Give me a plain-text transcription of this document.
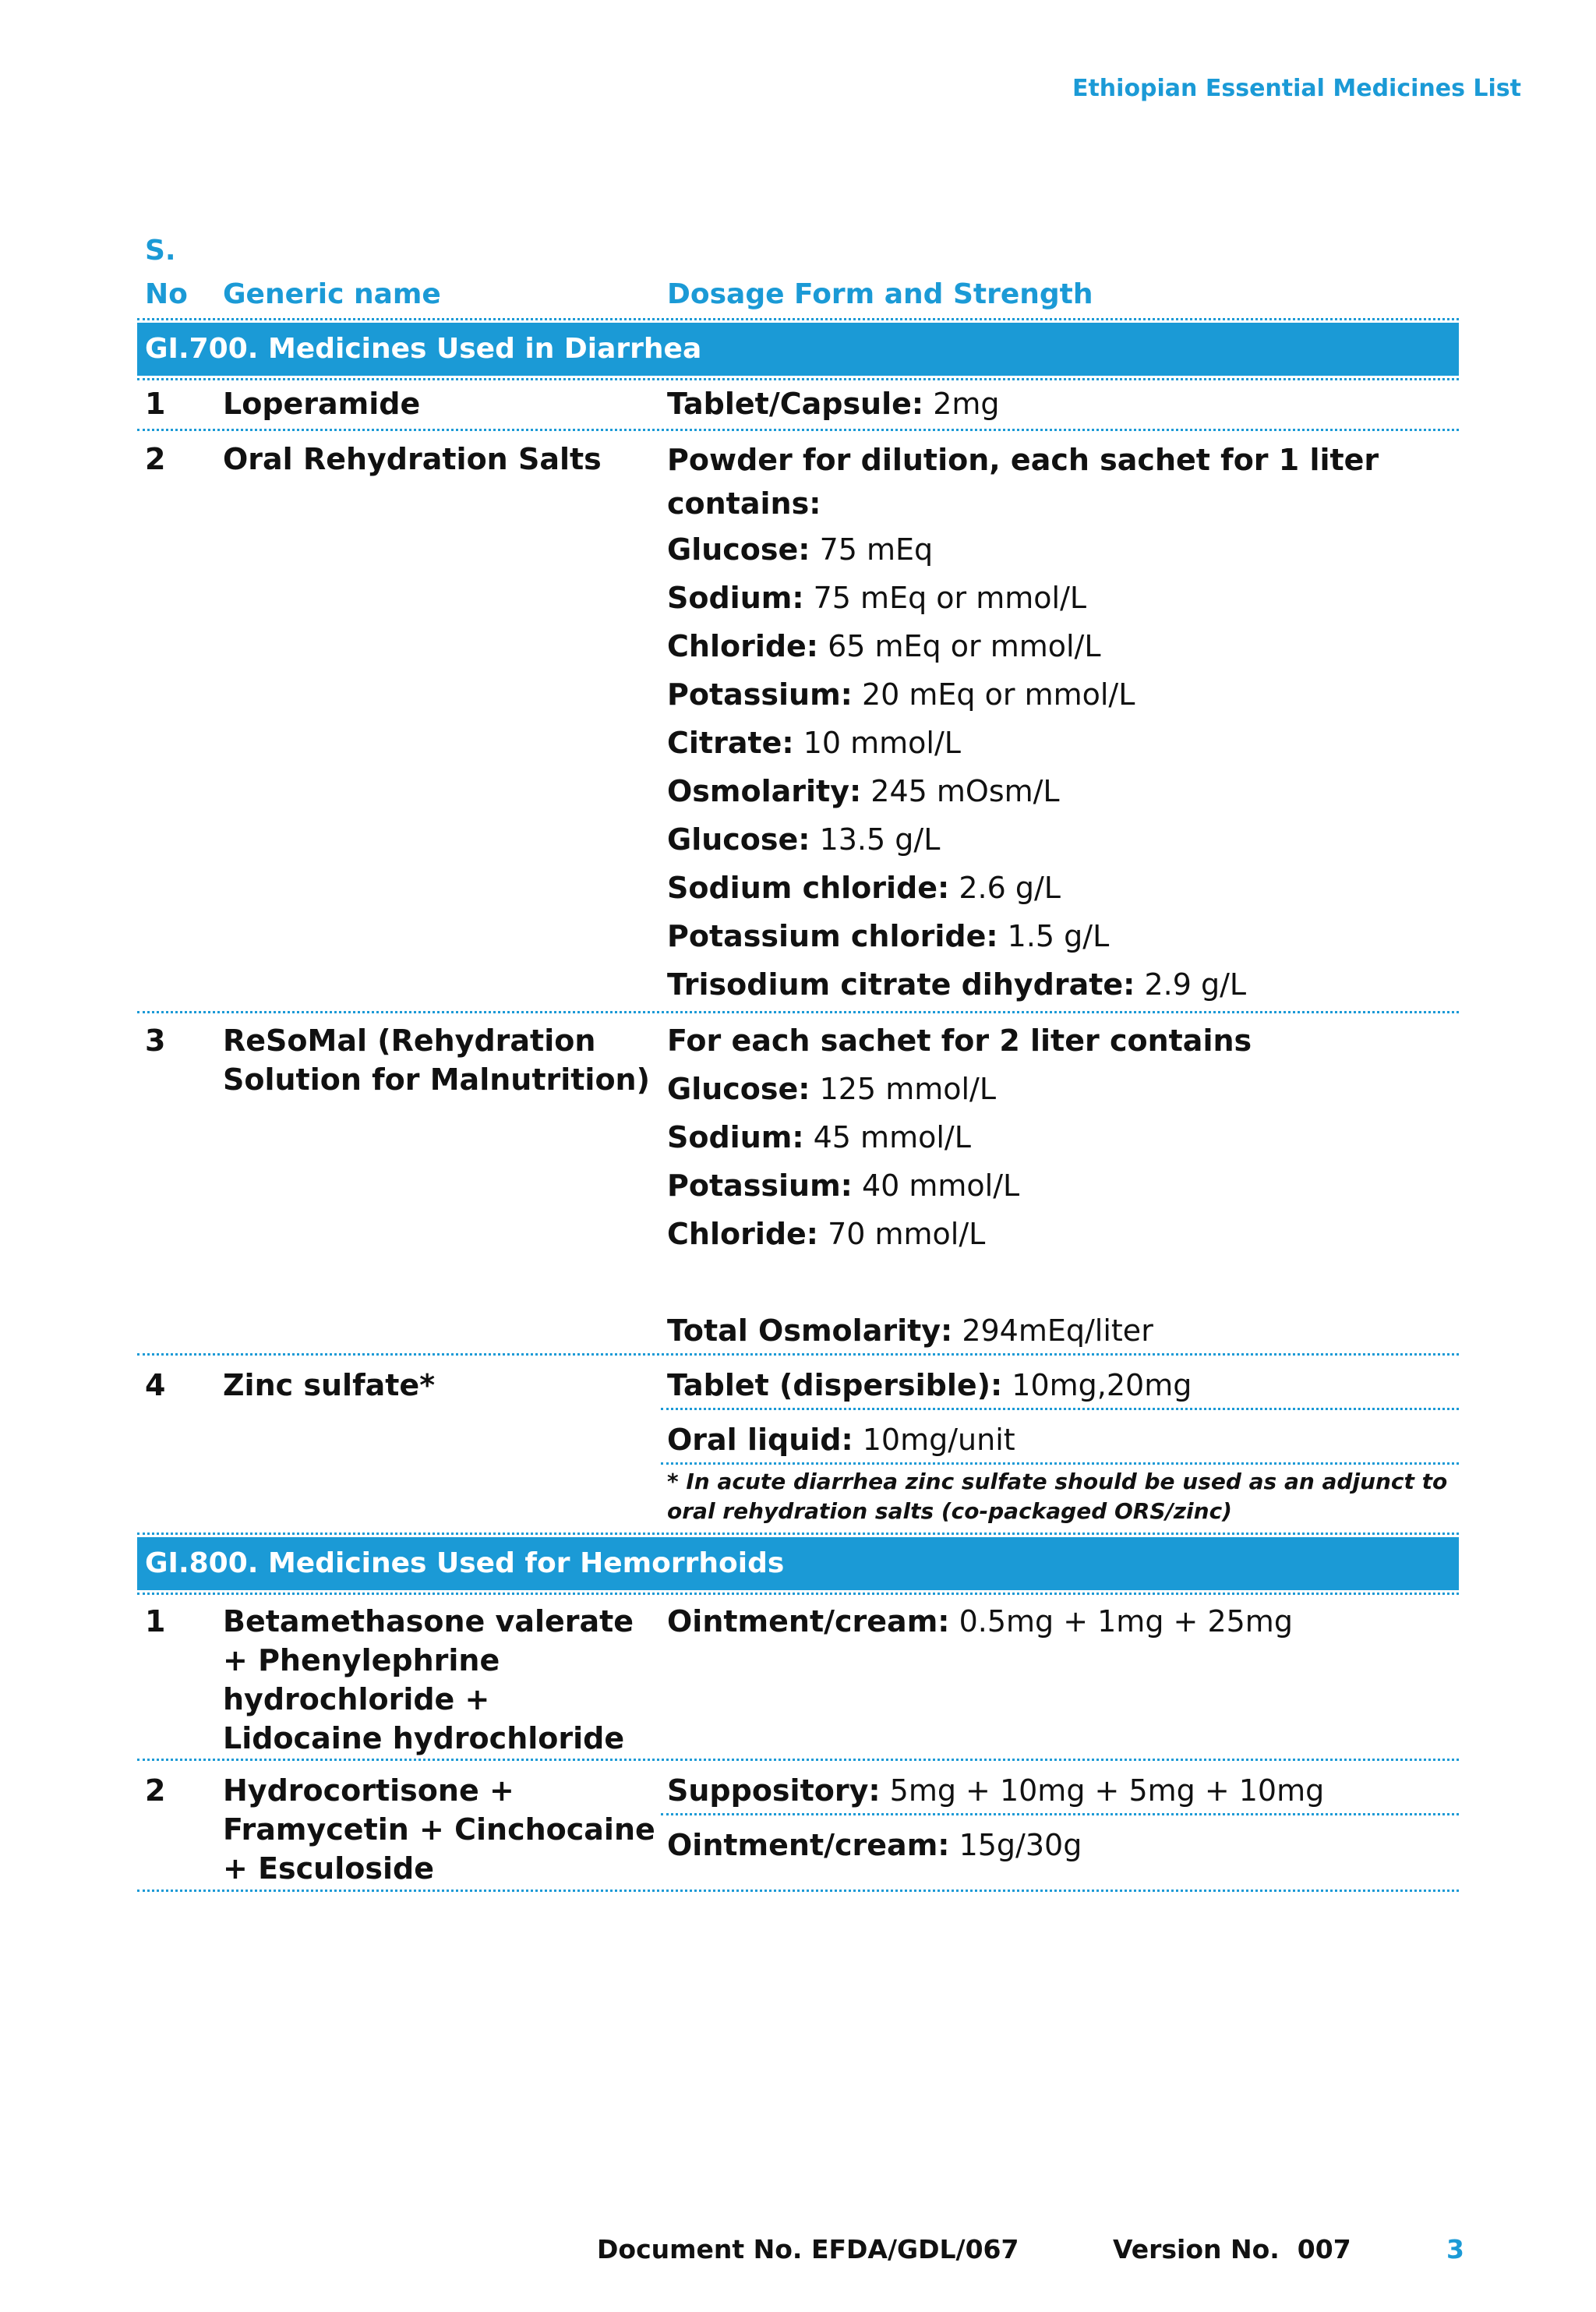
Ethiopian Essential Medicines List
S. No	Generic name	Dosage Form and Strength
GI.700. Medicines Used in Diarrhea
1	Loperamide	Tablet/Capsule: 2mg
2	Oral Rehydration Salts	Powder for dilution, each sachet for 1 liter contains:
Glucose: 75 mEq
Sodium: 75 mEq or mmol/L
Chloride: 65 mEq or mmol/L
Potassium: 20 mEq or mmol/L
Citrate: 10 mmol/L
Osmolarity: 245 mOsm/L
Glucose: 13.5 g/L
Sodium chloride: 2.6 g/L
Potassium chloride: 1.5 g/L
Trisodium citrate dihydrate: 2.9 g/L
3	ReSoMal (Rehydration Solution for Malnutrition)
For each sachet for 2 liter contains
Glucose: 125 mmol/L
Sodium: 45 mmol/L
Potassium: 40 mmol/L
Chloride: 70 mmol/L
Total Osmolarity: 294mEq/liter
4	Zinc sulfate*	Tablet (dispersible): 10mg,20mg
Oral liquid: 10mg/unit
* In acute diarrhea zinc sulfate should be used as an adjunct to oral rehydration salts (co-packaged ORS/zinc)
GI.800. Medicines Used for Hemorrhoids
1	Betamethasone valerate + Phenylephrine hydrochloride + Lidocaine hydrochloride
Ointment/cream: 0.5mg + 1mg + 25mg
2	Hydrocortisone + Framycetin + Cinchocaine + Esculoside
Suppository: 5mg + 10mg + 5mg + 10mg
Ointment/cream: 15g/30g
Document No. EFDA/GDL/067	Version No.  007	3
